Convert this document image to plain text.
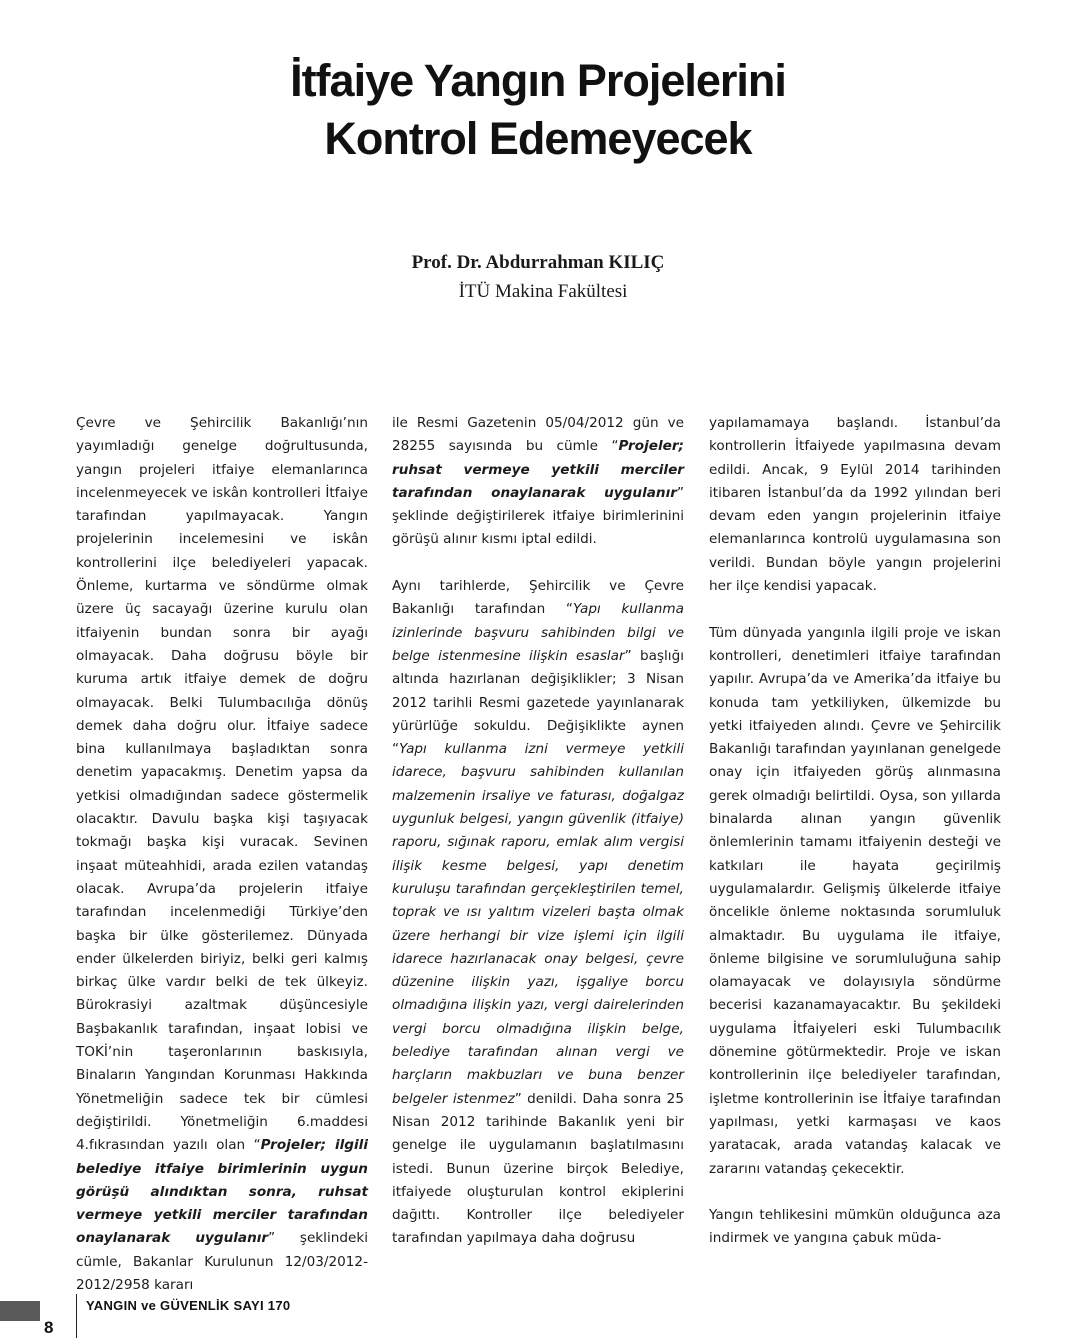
İtfaiye Yangın Projelerini
Kontrol Edemeyecek
Prof. Dr. Abdurrahman KILIÇ
İTÜ Makina Fakültesi

Çevre ve Şehircilik Bakanlığı’nın yayımladığı genelge doğrultusunda, yangın projeleri itfaiye elemanlarınca incelenmeyecek ve iskân kontrolleri İtfaiye tarafından yapılmayacak. Yangın projelerinin incelemesini ve iskân kontrollerini ilçe belediyeleri yapacak. Önleme, kurtarma ve söndürme olmak üzere üç sacayağı üzerine kurulu olan itfaiyenin bundan sonra bir ayağı olmayacak. Daha doğrusu böyle bir kuruma artık itfaiye demek de doğru olmayacak. Belki Tulumbacılığa dönüş demek daha doğru olur. İtfaiye sadece bina kullanılmaya başladıktan sonra denetim yapacakmış. Denetim yapsa da yetkisi olmadığından sadece göstermelik olacaktır. Davulu başka kişi taşıyacak tokmağı başka kişi vuracak. Sevinen inşaat müteahhidi, arada ezilen vatandaş olacak. Avrupa’da projelerin itfaiye tarafından incelenmediği Türkiye’den başka bir ülke gösterilemez. Dünyada ender ülkelerden biriyiz, belki geri kalmış birkaç ülke vardır belki de tek ülkeyiz. Bürokrasiyi azaltmak düşüncesiyle Başbakanlık tarafından, inşaat lobisi ve TOKİ’nin taşeronlarının baskısıyla, Binaların Yangından Korunması Hakkında Yönetmeliğin sadece tek bir cümlesi değiştirildi. Yönetmeliğin 6.maddesi 4.fıkrasından yazılı olan “Projeler; ilgili belediye itfaiye birimlerinin uygun görüşü alındıktan sonra, ruhsat vermeye yetkili merciler tarafından onaylanarak uygulanır” şeklindeki cümle, Bakanlar Kurulunun 12/03/2012-2012/2958 kararı

ile Resmi Gazetenin 05/04/2012 gün ve 28255 sayısında bu cümle “Projeler; ruhsat vermeye yetkili merciler tarafından onaylanarak uygulanır” şeklinde değiştirilerek itfaiye birimlerinini görüşü alınır kısmı iptal edildi.

Aynı tarihlerde, Şehircilik ve Çevre Bakanlığı tarafından “Yapı kullanma izinlerinde başvuru sahibinden bilgi ve belge istenmesine ilişkin esaslar” başlığı altında hazırlanan değişiklikler; 3 Nisan 2012 tarihli Resmi gazetede yayınlanarak yürürlüğe sokuldu. Değişiklikte aynen “Yapı kullanma izni vermeye yetkili idarece, başvuru sahibinden kullanılan malzemenin irsaliye ve faturası, doğalgaz uygunluk belgesi, yangın güvenlik (itfaiye) raporu, sığınak raporu, emlak alım vergisi ilişik kesme belgesi, yapı denetim kuruluşu tarafından gerçekleştirilen temel, toprak ve ısı yalıtım vizeleri başta olmak üzere herhangi bir vize işlemi için ilgili idarece hazırlanacak onay belgesi, çevre düzenine ilişkin yazı, işgaliye borcu olmadığına ilişkin yazı, vergi dairelerinden vergi borcu olmadığına ilişkin belge, belediye tarafından alınan vergi ve harçların makbuzları ve buna benzer belgeler istenmez” denildi. Daha sonra 25 Nisan 2012 tarihinde Bakanlık yeni bir genelge ile uygulamanın başlatılmasını istedi. Bunun üzerine birçok Belediye, itfaiyede oluşturulan kontrol ekiplerini dağıttı. Kontroller ilçe belediyeler tarafından yapılmaya daha doğrusu

yapılamamaya başlandı. İstanbul’da kontrollerin İtfaiyede yapılmasına devam edildi. Ancak, 9 Eylül 2014 tarihinden itibaren İstanbul’da da 1992 yılından beri devam eden yangın projelerinin itfaiye elemanlarınca kontrolü uygulamasına son verildi. Bundan böyle yangın projelerini her ilçe kendisi yapacak.

Tüm dünyada yangınla ilgili proje ve iskan kontrolleri, denetimleri itfaiye tarafından yapılır. Avrupa’da ve Amerika’da itfaiye bu konuda tam yetkiliyken, ülkemizde bu yetki itfaiyeden alındı. Çevre ve Şehircilik Bakanlığı tarafından yayınlanan genelgede onay için itfaiyeden görüş alınmasına gerek olmadığı belirtildi. Oysa, son yıllarda binalarda alınan yangın güvenlik önlemlerinin tamamı itfaiyenin desteği ve katkıları ile hayata geçirilmiş uygulamalardır. Gelişmiş ülkelerde itfaiye öncelikle önleme noktasında sorumluluk almaktadır. Bu uygulama ile itfaiye, önleme bilgisine ve sorumluluğuna sahip olamayacak ve dolayısıyla söndürme becerisi kazanamayacaktır. Bu şekildeki uygulama İtfaiyeleri eski Tulumbacılık dönemine götürmektedir. Proje ve iskan kontrollerinin ilçe belediyeler tarafından, işletme kontrollerinin ise İtfaiye tarafından yapılması, yetki karmaşası ve kaos yaratacak, arada vatandaş kalacak ve zararını vatandaş çekecektir.

Yangın tehlikesini mümkün olduğunca aza indirmek ve yangına çabuk müda-

YANGIN ve GÜVENLİK SAYI 170
8
